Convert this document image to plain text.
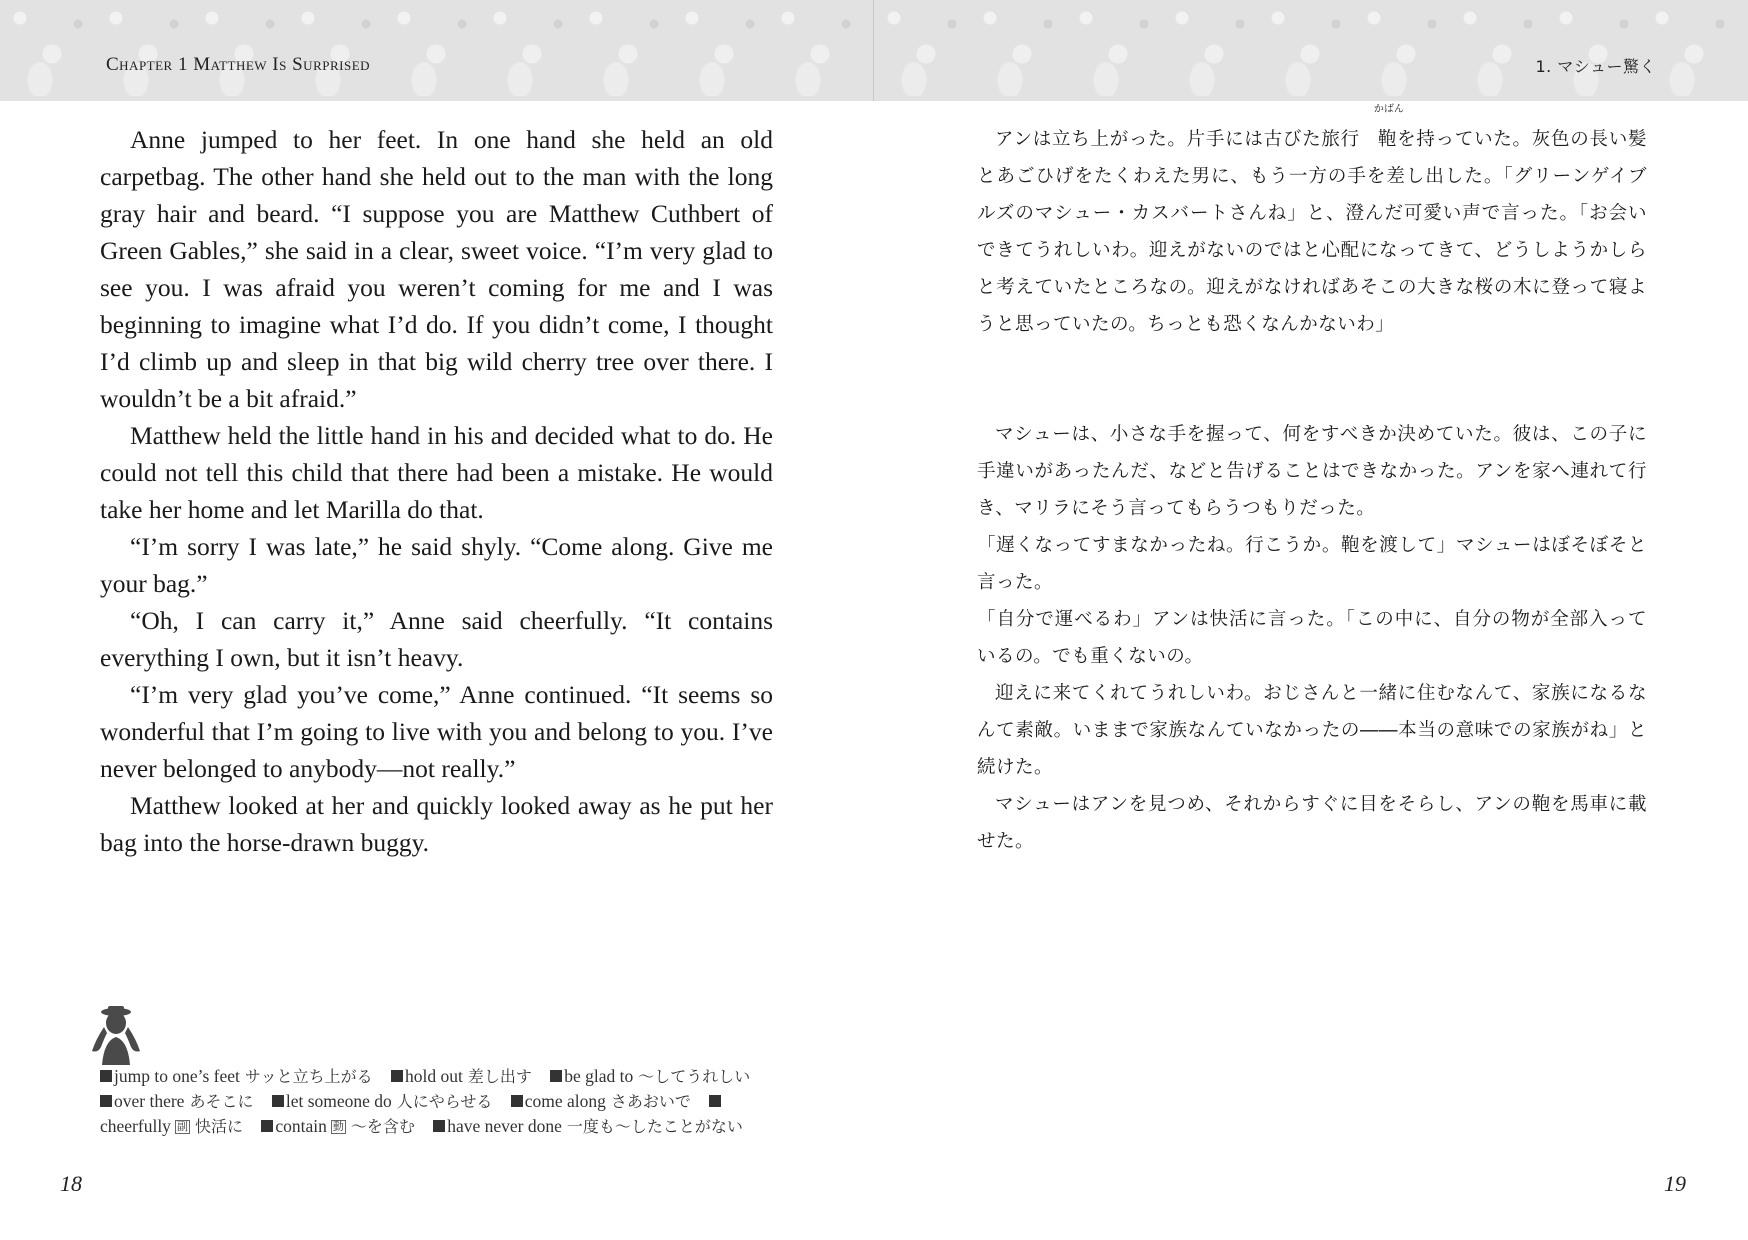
Chapter 1 Matthew Is Surprised

Anne jumped to her feet. In one hand she held an old carpetbag. The other hand she held out to the man with the long gray hair and beard. “I suppose you are Matthew Cuthbert of Green Gables,” she said in a clear, sweet voice. “I’m very glad to see you. I was afraid you weren’t coming for me and I was beginning to imagine what I’d do. If you didn’t come, I thought I’d climb up and sleep in that big wild cherry tree over there. I wouldn’t be a bit afraid.”

Matthew held the little hand in his and decided what to do. He could not tell this child that there had been a mistake. He would take her home and let Marilla do that.

“I’m sorry I was late,” he said shyly. “Come along. Give me your bag.”

“Oh, I can carry it,” Anne said cheerfully. “It contains everything I own, but it isn’t heavy.

“I’m very glad you’ve come,” Anne continued. “It seems so wonderful that I’m going to live with you and belong to you. I’ve never belonged to anybody—not really.”

Matthew looked at her and quickly looked away as he put her bag into the horse-drawn buggy.

jump to one’s feet サッと立ち上がる hold out 差し出す be glad to ～してうれしい over there あそこに let someone do 人にやらせる come along さあおいで cheerfully 副 快活に contain 動 ～を含む have never done 一度も～したことがない
18
1. マシュー驚く

アンは立ち上がった。片手には古びた旅行
かばん
鞄を持っていた。灰色の長い髪とあごひげをたくわえた男に、もう一方の手を差し出した。「グリーンゲイブルズのマシュー・カスバートさんね」と、澄んだ可愛い声で言った。「お会いできてうれしいわ。迎えがないのではと心配になってきて、どうしようかしらと考えていたところなの。迎えがなければあそこの大きな桜の木に登って寝ようと思っていたの。ちっとも恐くなんかないわ」

マシューは、小さな手を握って、何をすべきか決めていた。彼は、この子に手違いがあったんだ、などと告げることはできなかった。アンを家へ連れて行き、マリラにそう言ってもらうつもりだった。

「遅くなってすまなかったね。行こうか。鞄を渡して」マシューはぼそぼそと言った。

「自分で運べるわ」アンは快活に言った。「この中に、自分の物が全部入っているの。でも重くないの。

迎えに来てくれてうれしいわ。おじさんと一緒に住むなんて、家族になるなんて素敵。いままで家族なんていなかったの――本当の意味での家族がね」と続けた。

マシューはアンを見つめ、それからすぐに目をそらし、アンの鞄を馬車に載せた。

19
